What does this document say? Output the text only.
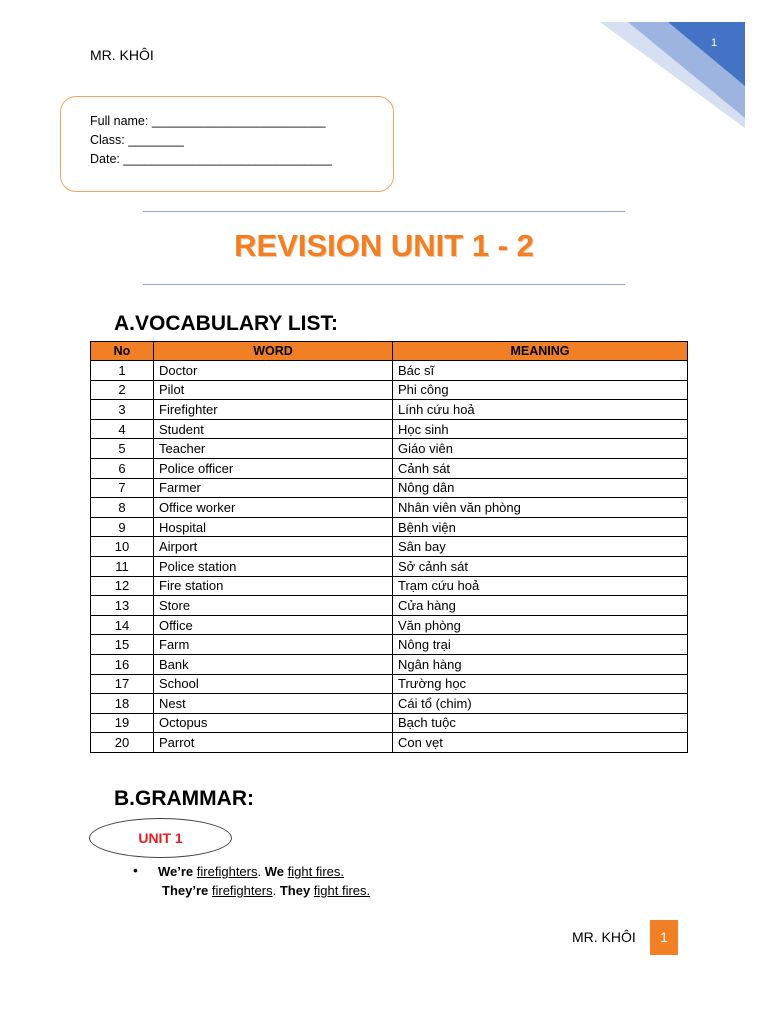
MR. KHÔI
1
Full name: _________________________
Class: ________
Date: ______________________________
REVISION UNIT 1 - 2
A.VOCABULARY LIST:
No	WORD	MEANING
1	Doctor	Bác sĩ
2	Pilot	Phi công
3	Firefighter	Lính cứu hoả
4	Student	Học sinh
5	Teacher	Giáo viên
6	Police officer	Cảnh sát
7	Farmer	Nông dân
8	Office worker	Nhân viên văn phòng
9	Hospital	Bệnh viện
10	Airport	Sân bay
11	Police station	Sở cảnh sát
12	Fire station	Trạm cứu hoả
13	Store	Cửa hàng
14	Office	Văn phòng
15	Farm	Nông trại
16	Bank	Ngân hàng
17	School	Trường học
18	Nest	Cái tổ (chim)
19	Octopus	Bạch tuộc
20	Parrot	Con vẹt
B.GRAMMAR:
UNIT 1
• We’re firefighters. We fight fires.
They’re firefighters. They fight fires.
MR. KHÔI	1
